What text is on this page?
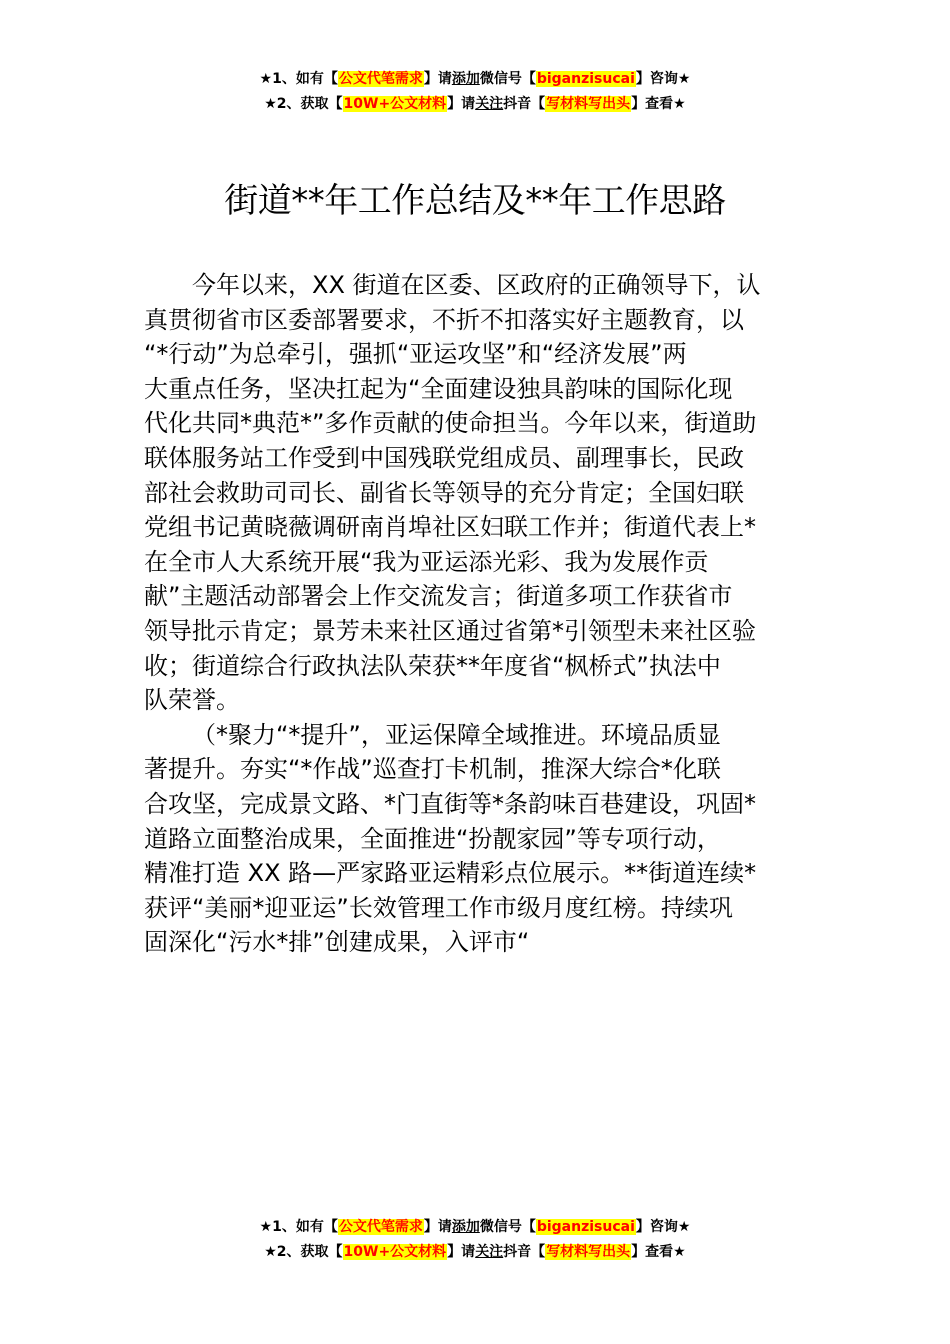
★1、如有【公文代笔需求】请添加微信号【biganzisucai】咨询★
★2、获取【10W+公文材料】请关注抖音【写材料写出头】查看★
街道**年工作总结及**年工作思路
今年以来，XX 街道在区委、区政府的正确领导下，认
真贯彻省市区委部署要求，不折不扣落实好主题教育，以
“*行动”为总牵引，强抓“亚运攻坚”和“经济发展”两
大重点任务，坚决扛起为“全面建设独具韵味的国际化现
代化共同*典范*”多作贡献的使命担当。今年以来，街道助
联体服务站工作受到中国残联党组成员、副理事长，民政
部社会救助司司长、副省长等领导的充分肯定；全国妇联
党组书记黄晓薇调研南肖埠社区妇联工作并；街道代表上*
在全市人大系统开展“我为亚运添光彩、我为发展作贡
献”主题活动部署会上作交流发言；街道多项工作获省市
领导批示肯定；景芳未来社区通过省第*引领型未来社区验
收；街道综合行政执法队荣获**年度省“枫桥式”执法中
队荣誉。
（*聚力“*提升”，亚运保障全域推进。环境品质显
著提升。夯实“*作战”巡查打卡机制，推深大综合*化联
合攻坚，完成景文路、*门直街等*条韵味百巷建设，巩固*
道路立面整治成果，全面推进“扮靓家园”等专项行动，
精准打造 XX 路—严家路亚运精彩点位展示。**街道连续*
获评“美丽*迎亚运”长效管理工作市级月度红榜。持续巩
固深化“污水*排”创建成果，入评市“
★1、如有【公文代笔需求】请添加微信号【biganzisucai】咨询★
★2、获取【10W+公文材料】请关注抖音【写材料写出头】查看★
